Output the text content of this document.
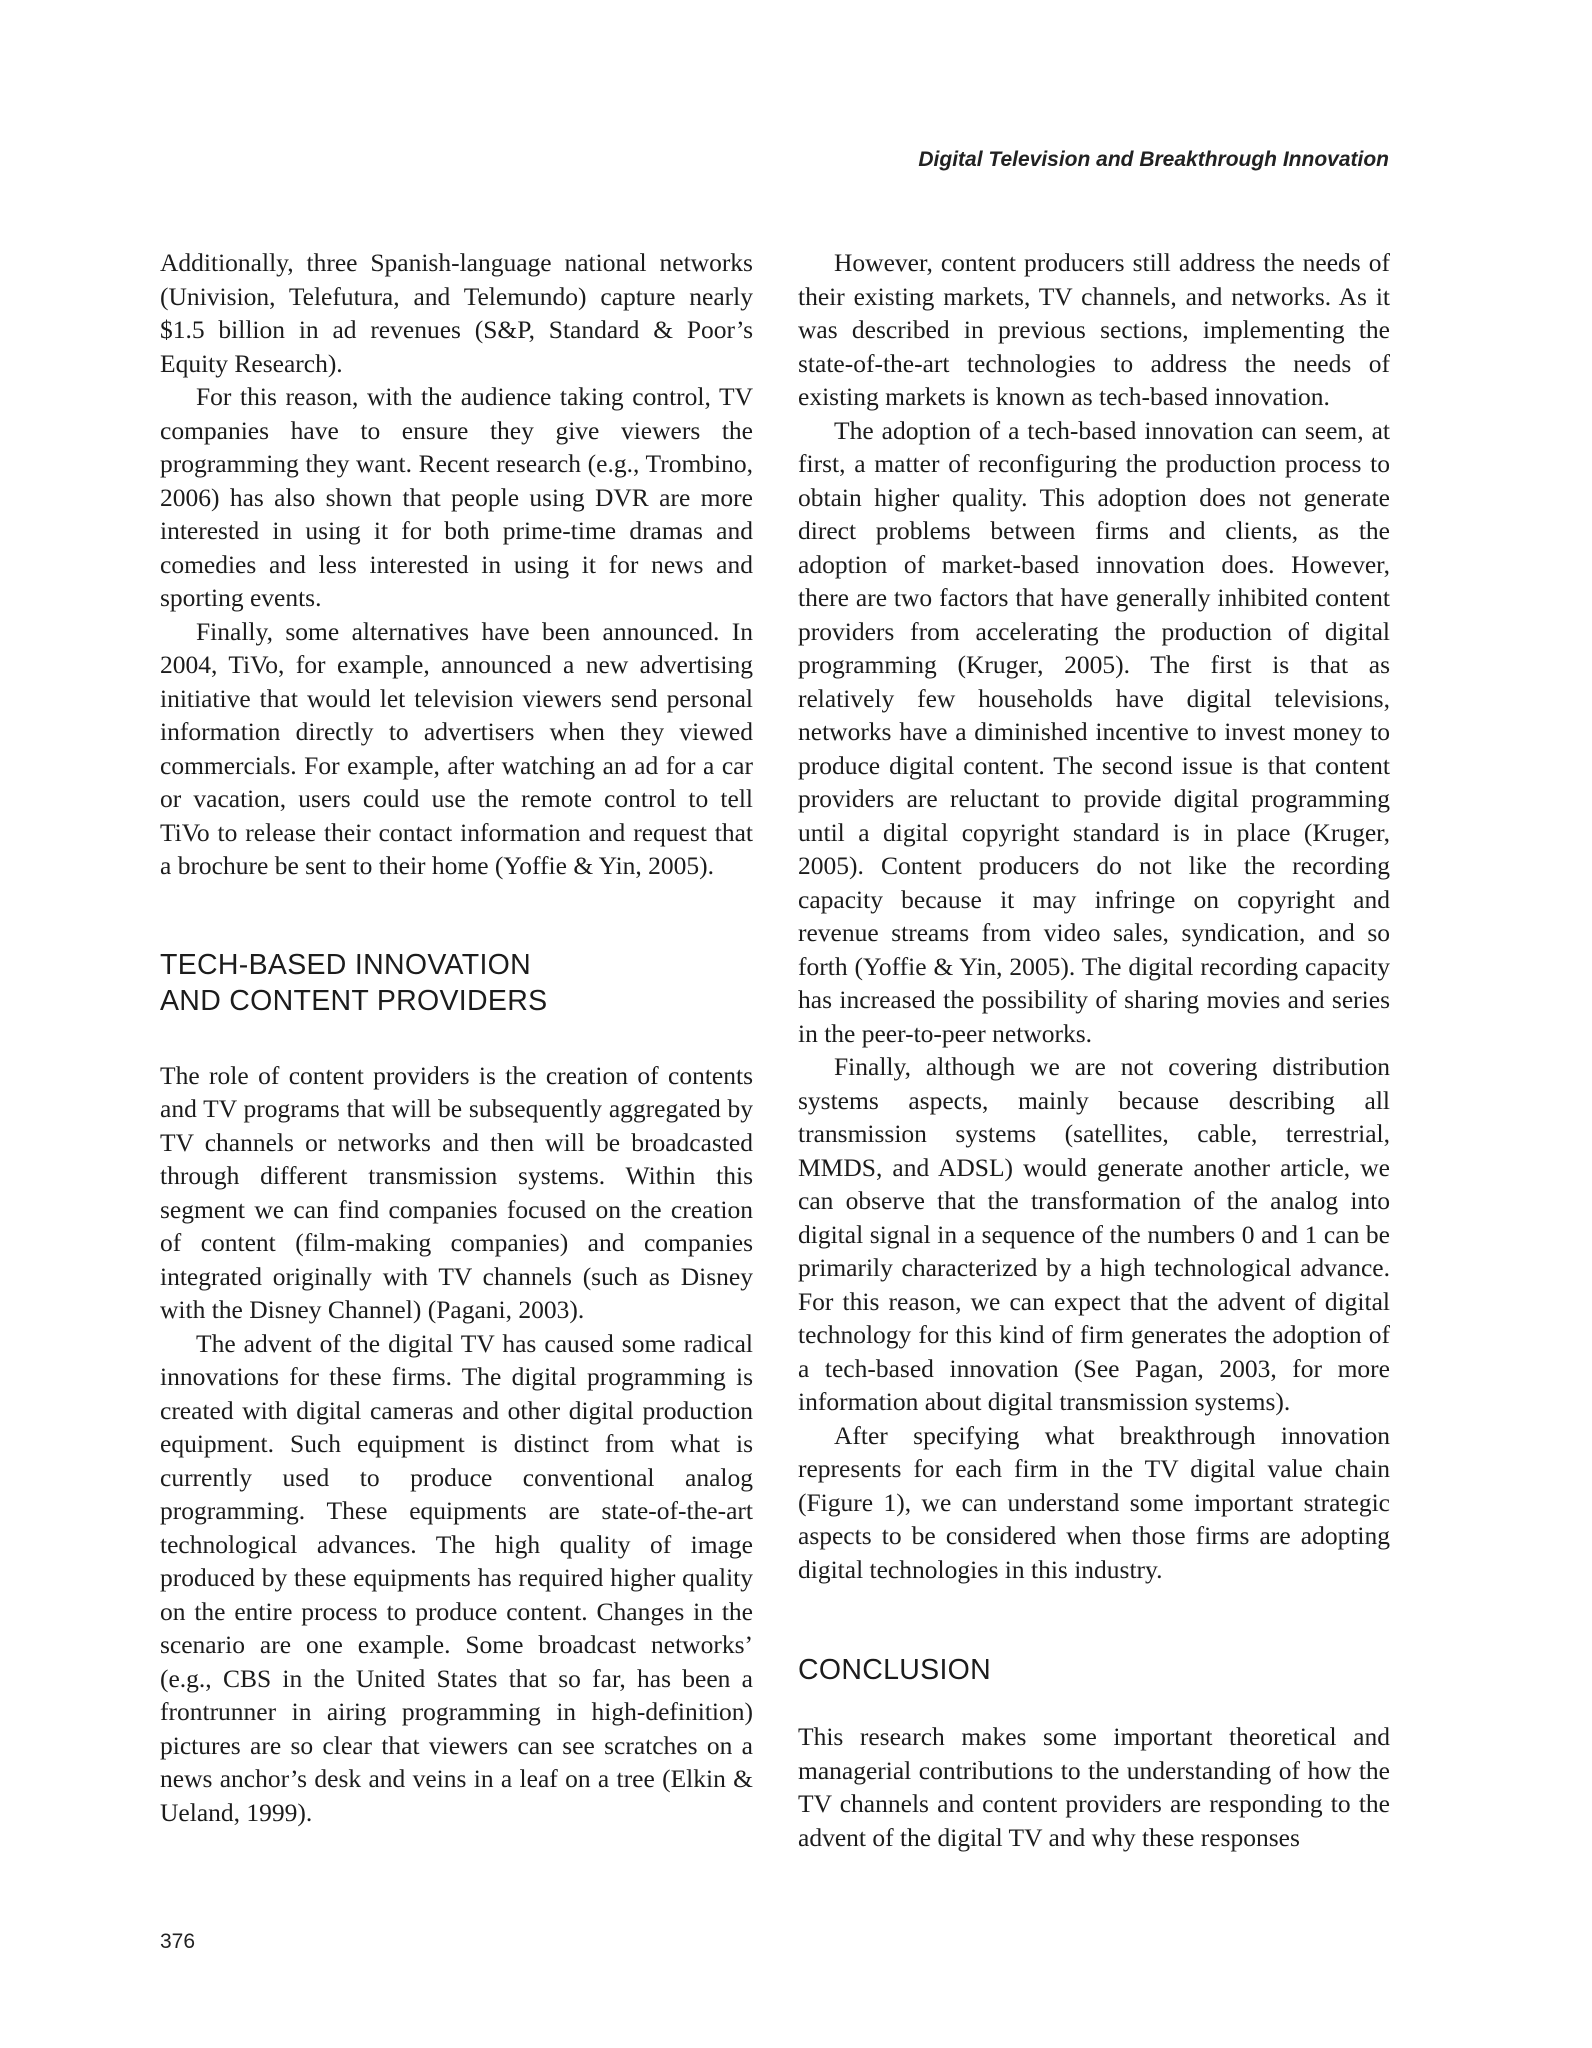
Digital Television and Breakthrough Innovation

Additionally, three Spanish-language national networks (Univision, Telefutura, and Telemundo) capture nearly $1.5 billion in ad revenues (S&P, Standard & Poor’s Equity Research).

For this reason, with the audience taking control, TV companies have to ensure they give viewers the programming they want. Recent research (e.g., Trombino, 2006) has also shown that people using DVR are more interested in using it for both prime-time dramas and comedies and less interested in using it for news and sporting events.

Finally, some alternatives have been announced. In 2004, TiVo, for example, announced a new advertising initiative that would let television viewers send personal information directly to advertisers when they viewed commercials. For example, after watching an ad for a car or vacation, users could use the remote control to tell TiVo to release their contact information and request that a brochure be sent to their home (Yoffie & Yin, 2005).

TECH-BASED INNOVATION
AND CONTENT PROVIDERS

The role of content providers is the creation of contents and TV programs that will be subsequently aggregated by TV channels or networks and then will be broadcasted through different transmission systems. Within this segment we can find companies focused on the creation of content (film-making companies) and companies integrated originally with TV channels (such as Disney with the Disney Channel) (Pagani, 2003).

The advent of the digital TV has caused some radical innovations for these firms. The digital programming is created with digital cameras and other digital production equipment. Such equipment is distinct from what is currently used to produce conventional analog programming. These equipments are state-of-the-art technological advances. The high quality of image produced by these equipments has required higher quality on the entire process to produce content. Changes in the scenario are one example. Some broadcast networks’ (e.g., CBS in the United States that so far, has been a frontrunner in airing programming in high-definition) pictures are so clear that viewers can see scratches on a news anchor’s desk and veins in a leaf on a tree (Elkin & Ueland, 1999).

However, content producers still address the needs of their existing markets, TV channels, and networks. As it was described in previous sections, implementing the state-of-the-art technologies to address the needs of existing markets is known as tech-based innovation.

The adoption of a tech-based innovation can seem, at first, a matter of reconfiguring the production process to obtain higher quality. This adoption does not generate direct problems between firms and clients, as the adoption of market-based innovation does. However, there are two factors that have generally inhibited content providers from accelerating the production of digital programming (Kruger, 2005). The first is that as relatively few households have digital televisions, networks have a diminished incentive to invest money to produce digital content. The second issue is that content providers are reluctant to provide digital programming until a digital copyright standard is in place (Kruger, 2005). Content producers do not like the recording capacity because it may infringe on copyright and revenue streams from video sales, syndication, and so forth (Yoffie & Yin, 2005). The digital recording capacity has increased the possibility of sharing movies and series in the peer-to-peer networks.

Finally, although we are not covering distribution systems aspects, mainly because describing all transmission systems (satellites, cable, terrestrial, MMDS, and ADSL) would generate another article, we can observe that the transformation of the analog into digital signal in a sequence of the numbers 0 and 1 can be primarily characterized by a high technological advance. For this reason, we can expect that the advent of digital technology for this kind of firm generates the adoption of a tech-based innovation (See Pagan, 2003, for more information about digital transmission systems).

After specifying what breakthrough innovation represents for each firm in the TV digital value chain (Figure 1), we can understand some important strategic aspects to be considered when those firms are adopting digital technologies in this industry.

CONCLUSION

This research makes some important theoretical and managerial contributions to the understanding of how the TV channels and content providers are responding to the advent of the digital TV and why these responses

376
